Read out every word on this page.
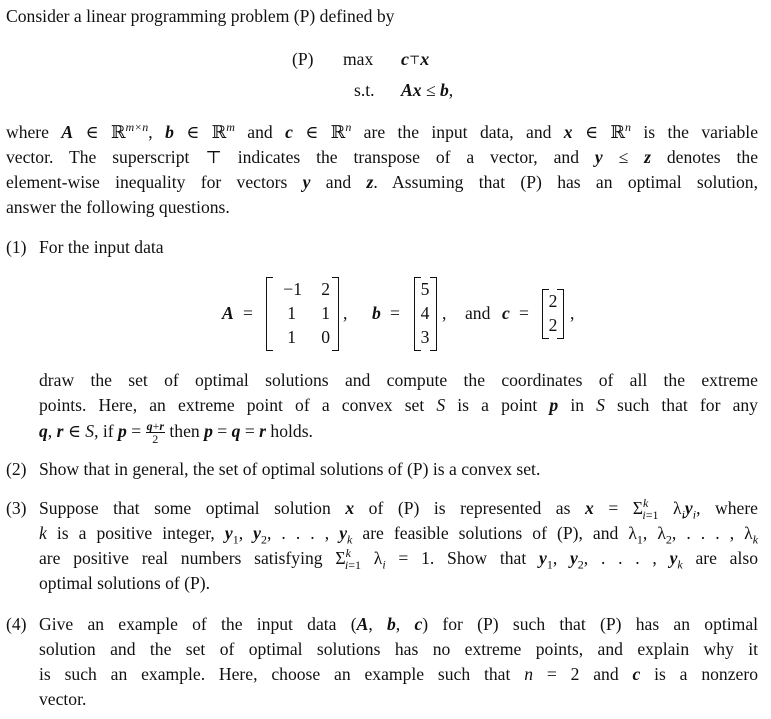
Consider a linear programming problem (P) defined by
(P) max c⊤x
s.t. Ax ≤ b,
where A ∈ ℝ$^{m\times n}$, b ∈ ℝ$^m$ and c ∈ ℝ$^n$ are the input data, and x ∈ ℝ$^n$ is the variable
vector. The superscript ⊤ indicates the transpose of a vector, and y ≤ z denotes the
element-wise inequality for vectors y and z. Assuming that (P) has an optimal solution,
answer the following questions.
(1) For the input data
A =
−1	2
1	1
1	0
, b =
5
4
3
, and c =
2
2
,
draw the set of optimal solutions and compute the coordinates of all the extreme
points. Here, an extreme point of a convex set S is a point p in S such that for any
q, r ∈ S, if $p = \frac{q+r}{2}$ then p = q = r holds.
(2) Show that in general, the set of optimal solutions of (P) is a convex set.
(3) Suppose that some optimal solution x of (P) is represented as $x = \Sigma^k_{i=1}$ $\lambda_iy_i$, where
k is a positive integer, $y_1$, $y_2$, . . . , $y_k$ are feasible solutions of (P), and $\lambda_1$, $\lambda_2$, . . . , $\lambda_k$
are positive real numbers satisfying $\Sigma^k_{i=1}$ $\lambda_i = 1$. Show that $y_1$, $y_2$, . . . , $y_k$ are also
optimal solutions of (P).
(4) Give an example of the input data (A, b, c) for (P) such that (P) has an optimal
solution and the set of optimal solutions has no extreme points, and explain why it
is such an example. Here, choose an example such that n = 2 and c is a nonzero
vector.
